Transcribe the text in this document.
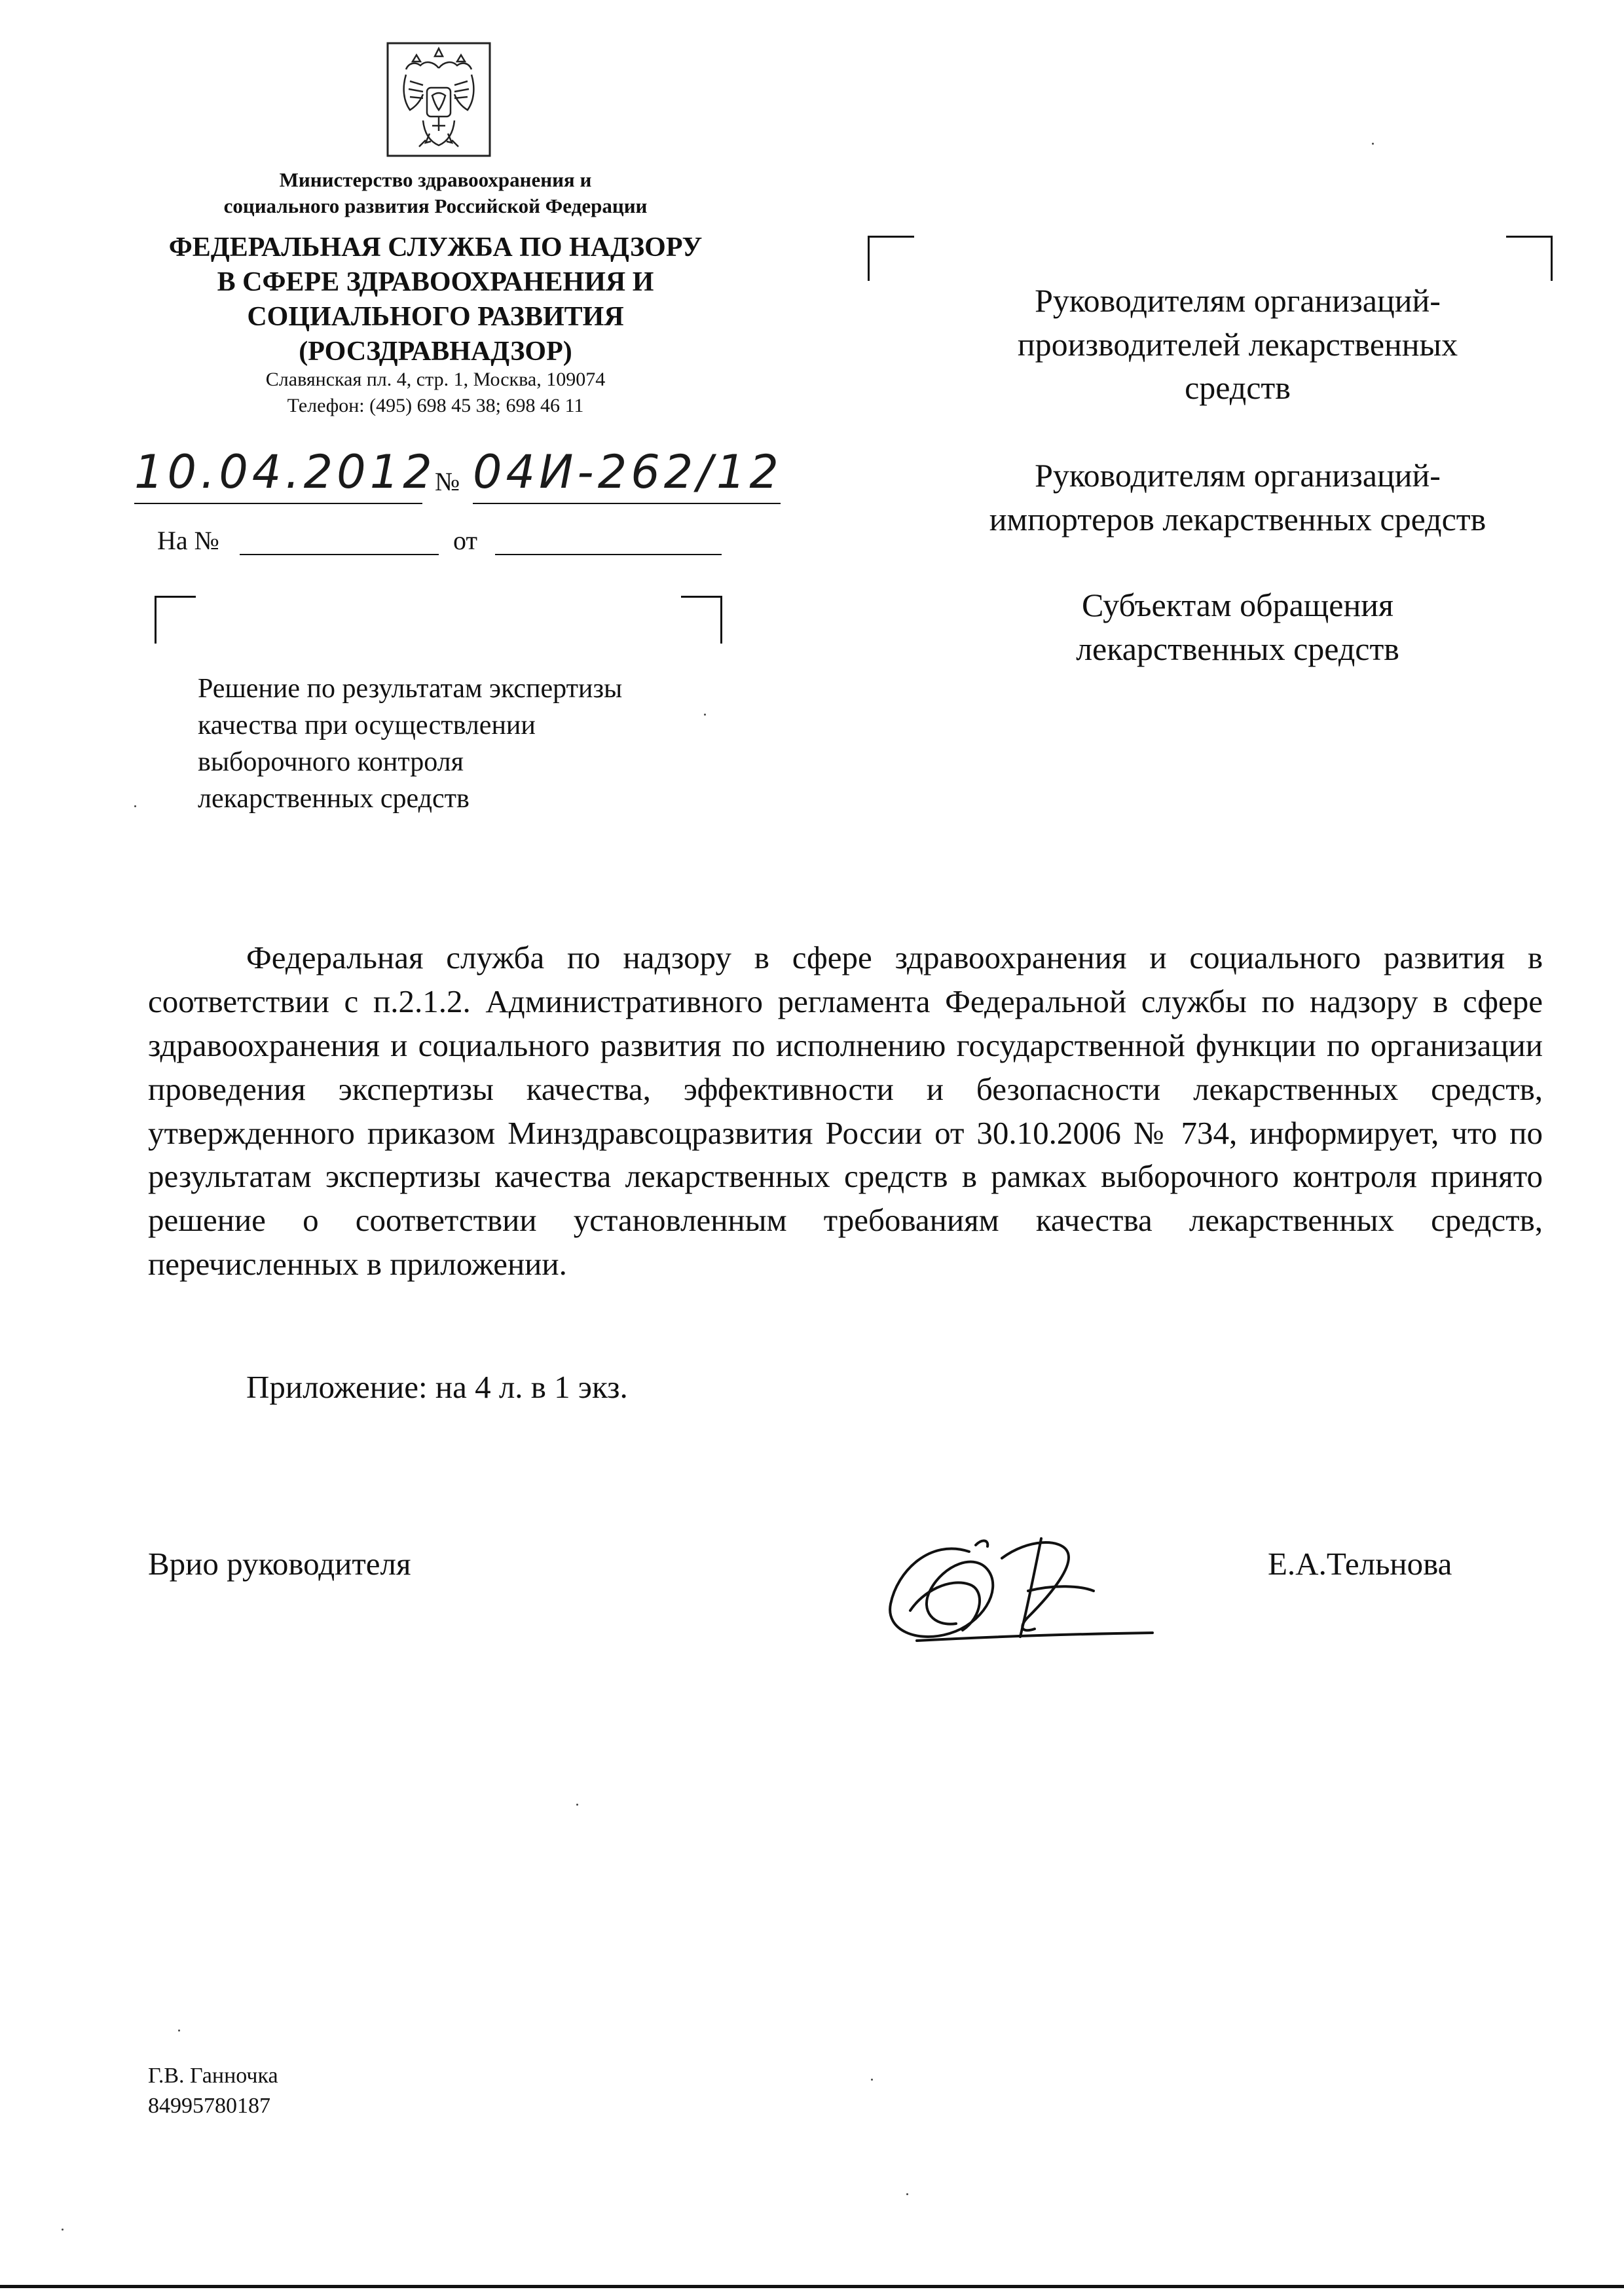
Министерство здравоохранения и
социального развития Российской Федерации
ФЕДЕРАЛЬНАЯ СЛУЖБА ПО НАДЗОРУ
В СФЕРЕ ЗДРАВООХРАНЕНИЯ И
СОЦИАЛЬНОГО РАЗВИТИЯ
(РОСЗДРАВНАДЗОР)
Славянская пл. 4, стр. 1, Москва, 109074
Телефон: (495) 698 45 38; 698 46 11
10.04.2012
№ 04И-262/12
На №	от
Решение по результатам экспертизы
качества при осуществлении
выборочного контроля
лекарственных средств
Руководителям организаций-
производителей лекарственных
средств
Руководителям организаций-
импортеров лекарственных средств
Субъектам обращения
лекарственных средств
Федеральная служба по надзору в сфере здравоохранения и социального развития в соответствии с п.2.1.2. Административного регламента Федеральной службы по надзору в сфере здравоохранения и социального развития по исполнению государственной функции по организации проведения экспертизы качества, эффективности и безопасности лекарственных средств, утвержденного приказом Минздравсоцразвития России от 30.10.2006 № 734, информирует, что по результатам экспертизы качества лекарственных средств в рамках выборочного контроля принято решение о соответствии установленным требованиям качества лекарственных средств, перечисленных в приложении.
Приложение: на 4 л. в 1 экз.
Врио руководителя	Е.А.Тельнова
Г.В. Ганночка
84995780187
